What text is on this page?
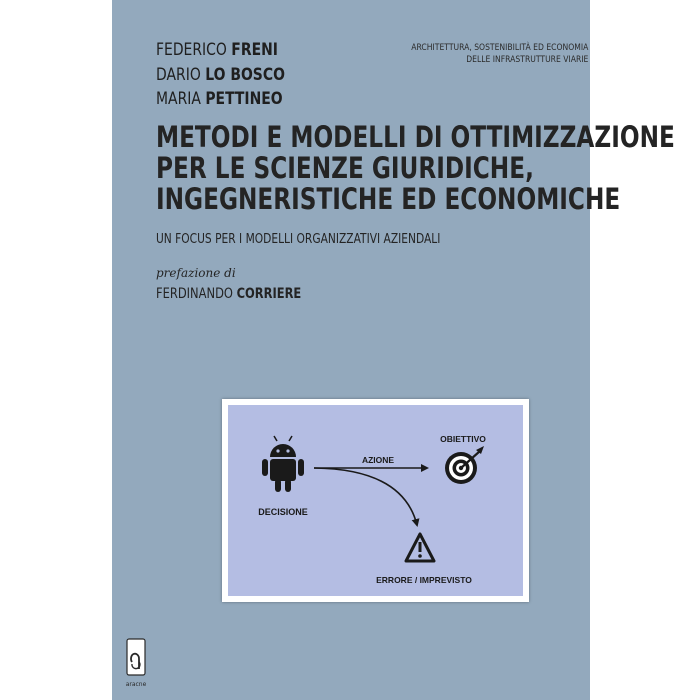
FEDERICO FRENI
DARIO LO BOSCO
MARIA PETTINEO
ARCHITETTURA, SOSTENIBILITÀ ED ECONOMIA
DELLE INFRASTRUTTURE VIARIE
METODI E MODELLI DI OTTIMIZZAZIONE
PER LE SCIENZE GIURIDICHE,
INGEGNERISTICHE ED ECONOMICHE
UN FOCUS PER I MODELLI ORGANIZZATIVI AZIENDALI
prefazione di
FERDINANDO CORRIERE
DECISIONE
AZIONE
OBIETTIVO
ERRORE / IMPREVISTO
aracne
